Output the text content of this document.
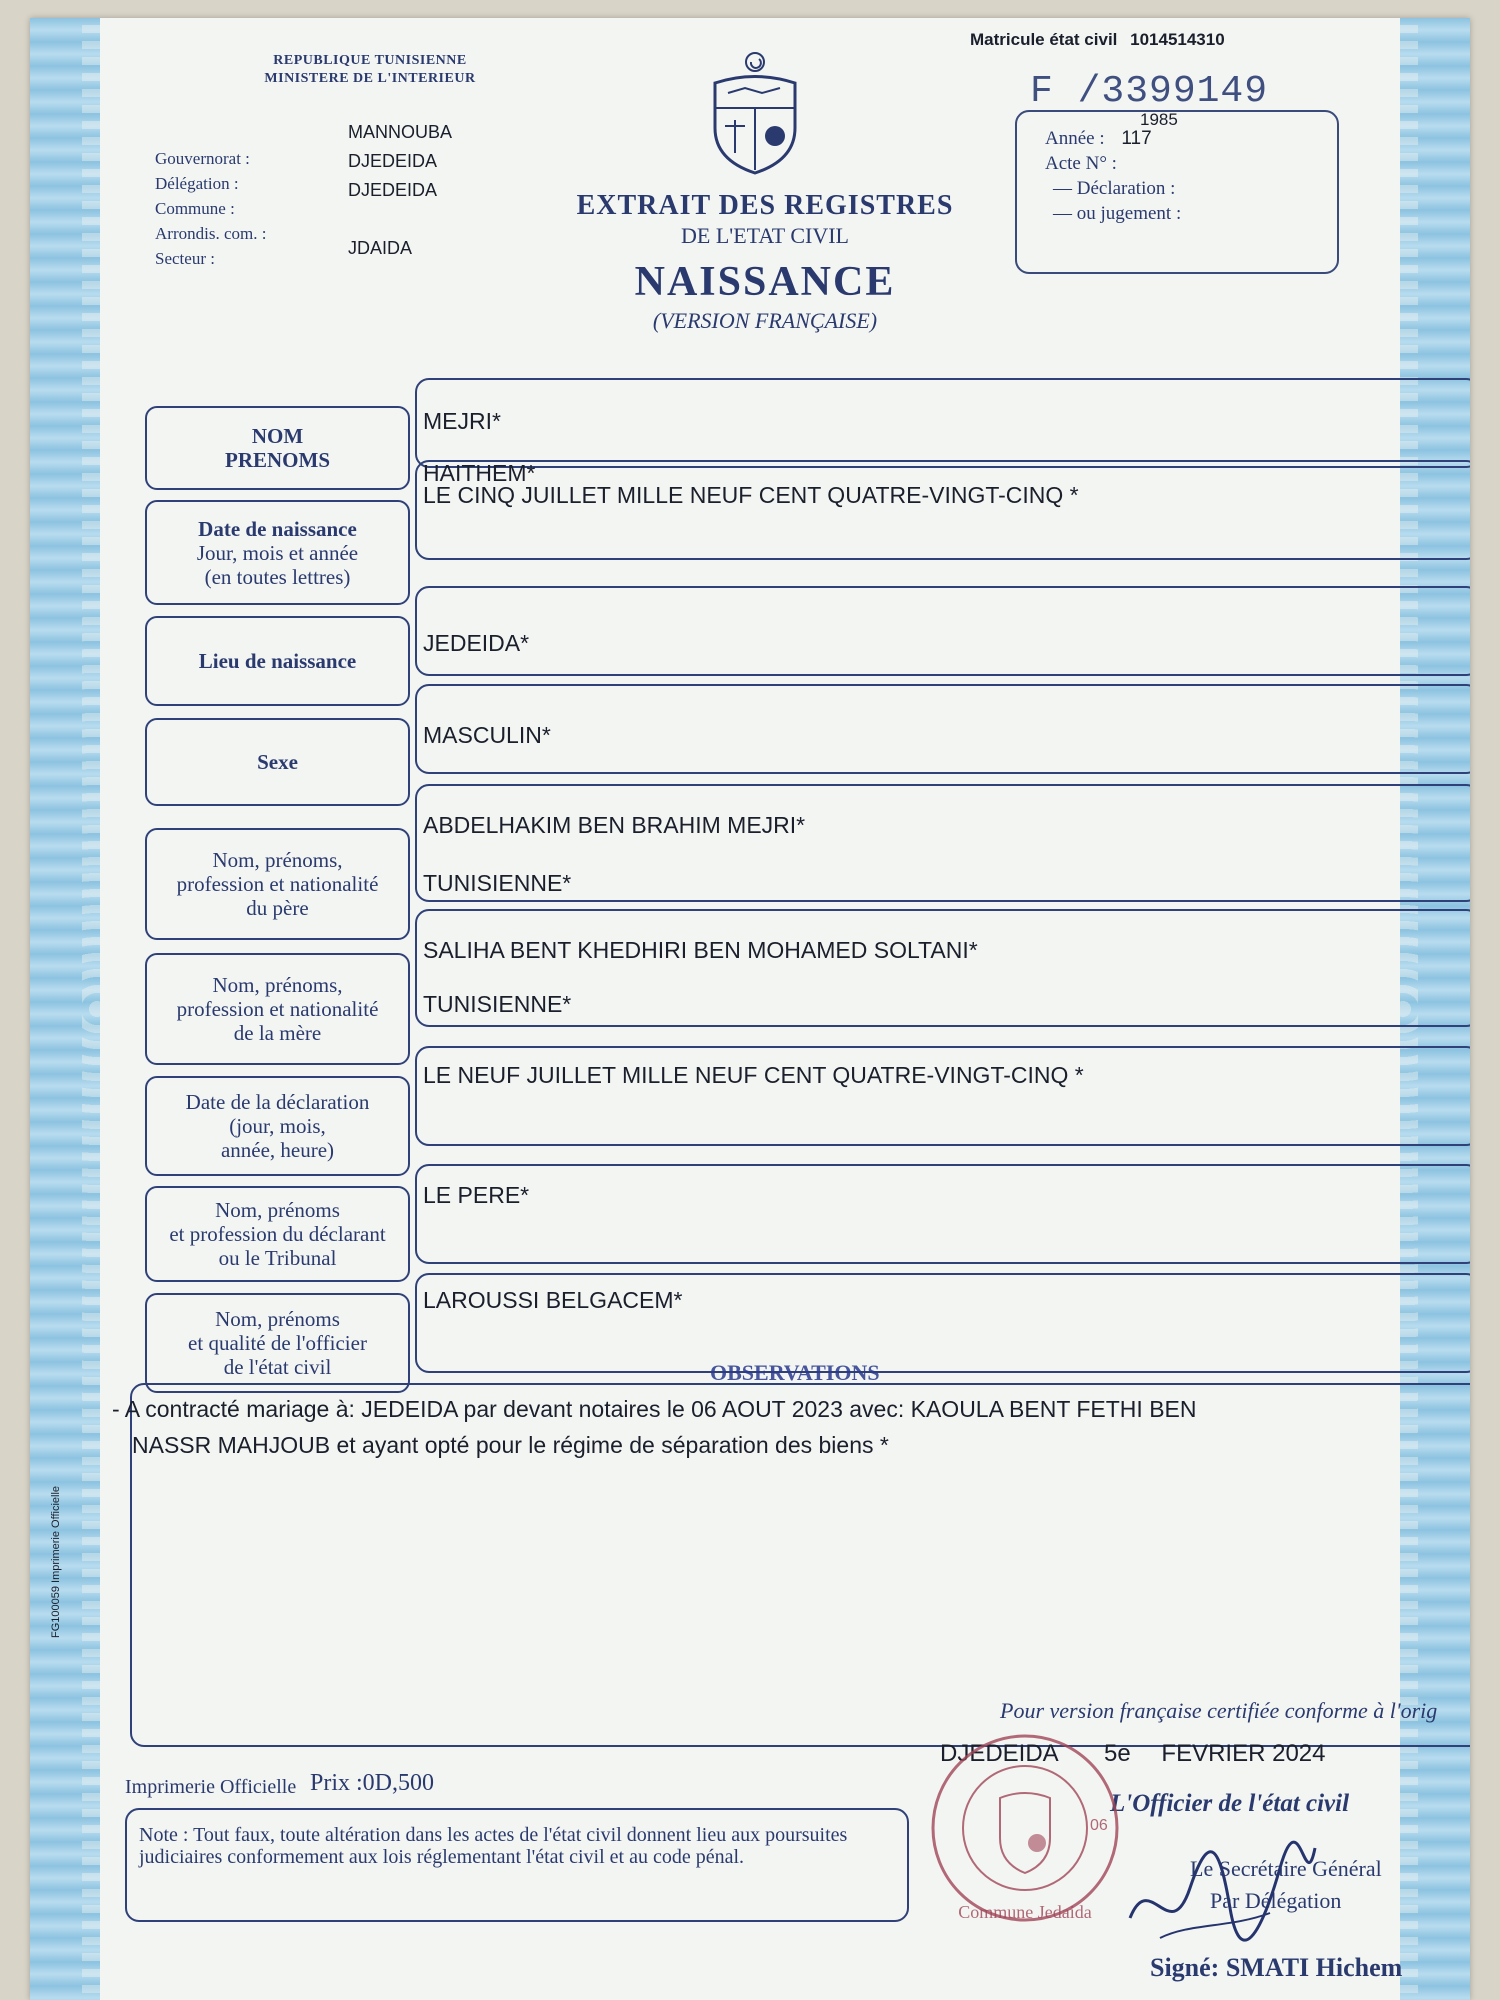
REPUBLIQUE TUNISIENNE
MINISTERE DE L'INTERIEUR
Matricule état civil 1014514310
F /3399149
1985
Gouvernorat :
Délégation :
Commune :
Arrondis. com. :
Secteur :
MANNOUBA
DJEDEIDA
DJEDEIDA
JDAIDA
EXTRAIT DES REGISTRES
DE L'ETAT CIVIL
NAISSANCE
(VERSION FRANÇAISE)
Année : 117
Acte N° :
— Déclaration :
— ou jugement :
NOM
PRENOMS
MEJRI*
HAITHEM*
Date de naissance
Jour, mois et année
(en toutes lettres)
LE CINQ JUILLET MILLE NEUF CENT QUATRE-VINGT-CINQ *
Lieu de naissance
JEDEIDA*
Sexe
MASCULIN*
Nom, prénoms,
profession et nationalité
du père
ABDELHAKIM BEN BRAHIM MEJRI*
TUNISIENNE*
Nom, prénoms,
profession et nationalité
de la mère
SALIHA BENT KHEDHIRI BEN MOHAMED SOLTANI*
TUNISIENNE*
Date de la déclaration
(jour, mois,
année, heure)
LE NEUF JUILLET MILLE NEUF CENT QUATRE-VINGT-CINQ *
Nom, prénoms
et profession du déclarant
ou le Tribunal
LE PERE*
Nom, prénoms
et qualité de l'officier
de l'état civil
LAROUSSI BELGACEM*
OBSERVATIONS
- A contracté mariage à: JEDEIDA par devant notaires le 06 AOUT 2023 avec: KAOULA BENT FETHI BEN
NASSR MAHJOUB et ayant opté pour le régime de séparation des biens *
FG100059 Imprimerie Officielle
Imprimerie Officielle Prix :0D,500
Note : Tout faux, toute altération dans les actes de l'état civil donnent lieu aux poursuites judiciaires conformement aux lois réglementant l'état civil et au code pénal.
Pour version française certifiée conforme à l'orig
DJEDEIDA 5e FEVRIER 2024
L'Officier de l'état civil
Commune Jedaida
06
Le Secrétaire Général
Par Délégation
Signé: SMATI Hichem
